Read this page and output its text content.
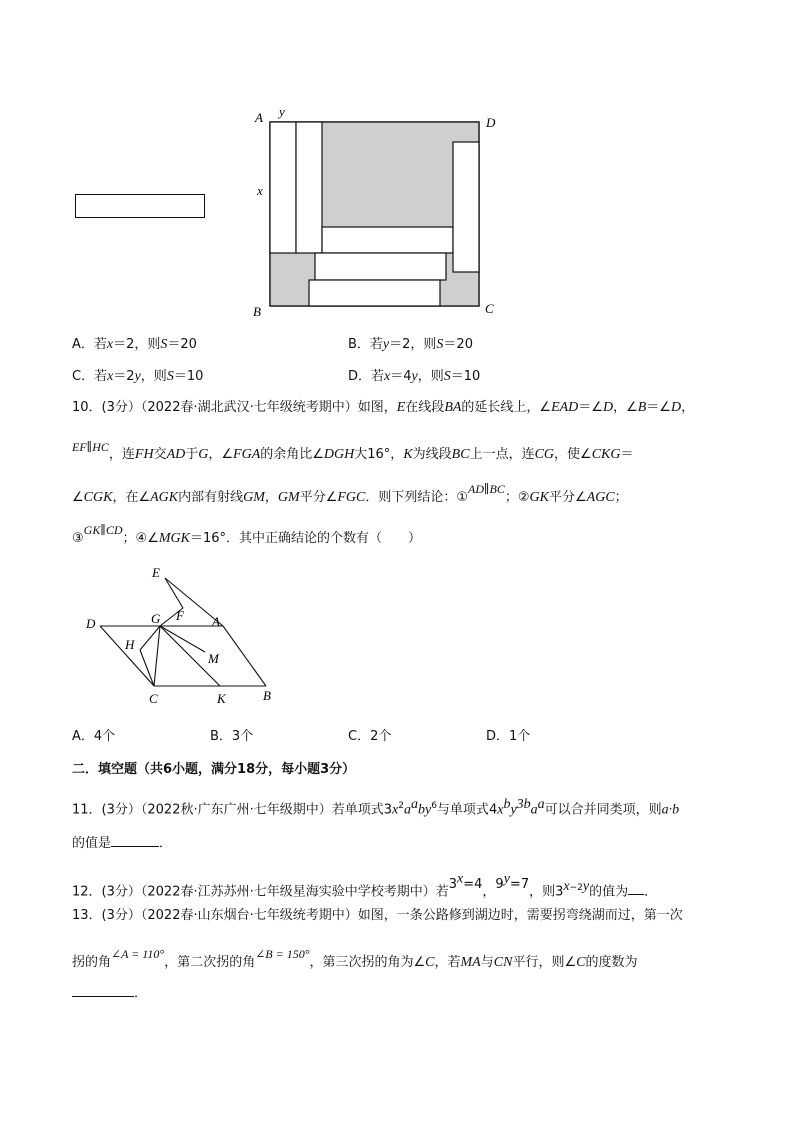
A y
D
x
B	C
A．若x＝2，则S＝20	B．若y＝2，则S＝20
C．若x＝2y，则S＝10	D．若x＝4y，则S＝10
10．(3分）（2022春·湖北武汉·七年级统考期中）如图，E在线段BA的延长线上，∠EAD＝∠D，∠B＝∠D，
EF∥HC，连FH交AD于G，∠FGA的余角比∠DGH大16°，K为线段BC上一点，连CG，使∠CKG＝
∠CGK，在∠AGK内部有射线GM，GM平分∠FGC．则下列结论：①AD∥BC；②GK平分∠AGC；
③GK∥CD；④∠MGK＝16°．其中正确结论的个数有（　　）
E
F
G	A
D
H
M
C	K	B
A．4个	B．3个	C．2个	D．1个
二．填空题（共6小题，满分18分，每小题3分）
11．(3分）（2022秋·广东广州·七年级期中）若单项式$3x^2a^aby^6$与单项式$4x^by^{3b}a^a$可以合并同类项，则a·b
的值是	．
12．(3分）（2022春·江苏苏州·七年级星海实验中学校考期中）若$3^x=4$，$9^y=7$，则$3^{x-2y}$的值为 ．
13．(3分）（2022春·山东烟台·七年级统考期中）如图，一条公路修到湖边时，需要拐弯绕湖而过，第一次
拐的角∠A = 110°，第二次拐的角∠B = 150°，第三次拐的角为∠C，若MA与CN平行，则∠C的度数为
．
